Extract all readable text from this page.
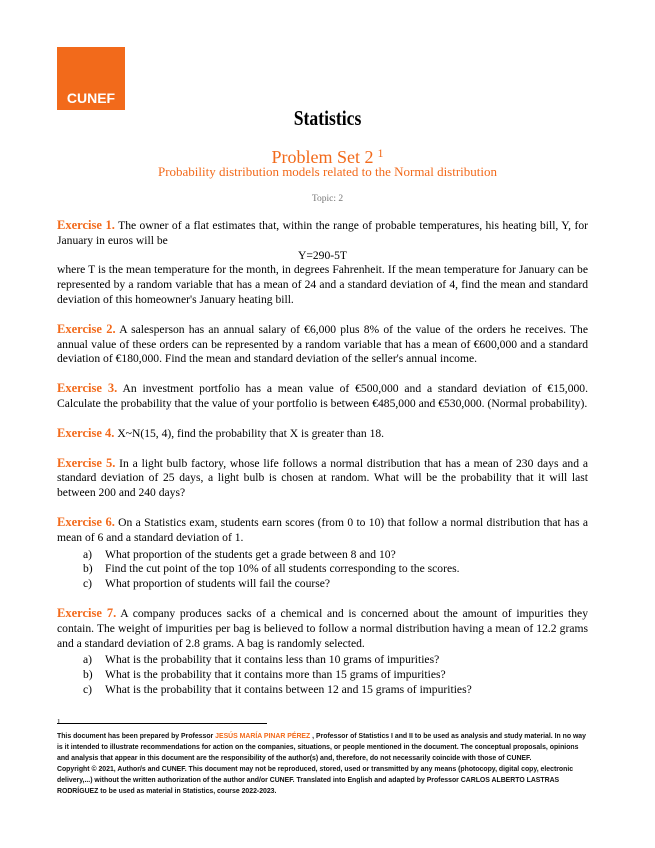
CUNEF
Statistics
Problem Set 2 $^1$
Probability distribution models related to the Normal distribution
Topic: 2
Exercise 1. The owner of a flat estimates that, within the range of probable temperatures, his heating bill, Y, for January in euros will be

Y=290-5T

where T is the mean temperature for the month, in degrees Fahrenheit. If the mean temperature for January can be represented by a random variable that has a mean of 24 and a standard deviation of 4, find the mean and standard deviation of this homeowner's January heating bill.
Exercise 2. A salesperson has an annual salary of €6,000 plus 8% of the value of the orders he receives. The annual value of these orders can be represented by a random variable that has a mean of €600,000 and a standard deviation of €180,000. Find the mean and standard deviation of the seller's annual income.
Exercise 3. An investment portfolio has a mean value of €500,000 and a standard deviation of €15,000. Calculate the probability that the value of your portfolio is between €485,000 and €530,000. (Normal probability).
Exercise 4. X~N(15, 4), find the probability that X is greater than 18.
Exercise 5. In a light bulb factory, whose life follows a normal distribution that has a mean of 230 days and a standard deviation of 25 days, a light bulb is chosen at random. What will be the probability that it will last between 200 and 240 days?
Exercise 6. On a Statistics exam, students earn scores (from 0 to 10) that follow a normal distribution that has a mean of 6 and a standard deviation of 1.
a)	What proportion of the students get a grade between 8 and 10?
b)	Find the cut point of the top 10% of all students corresponding to the scores.
c)	What proportion of students will fail the course?
Exercise 7. A company produces sacks of a chemical and is concerned about the amount of impurities they contain. The weight of impurities per bag is believed to follow a normal distribution having a mean of 12.2 grams and a standard deviation of 2.8 grams. A bag is randomly selected.
a)	What is the probability that it contains less than 10 grams of impurities?
b)	What is the probability that it contains more than 15 grams of impurities?
c)	What is the probability that it contains between 12 and 15 grams of impurities?
1
This document has been prepared by Professor JESÚS MARÍA PINAR PÉREZ , Professor of Statistics I and II to be used as analysis and study material. In no way is it intended to illustrate recommendations for action on the companies, situations, or people mentioned in the document. The conceptual proposals, opinions and analysis that appear in this document are the responsibility of the author(s) and, therefore, do not necessarily coincide with those of CUNEF.
Copyright © 2021, Author/s and CUNEF. This document may not be reproduced, stored, used or transmitted by any means (photocopy, digital copy, electronic delivery,...) without the written authorization of the author and/or CUNEF. Translated into English and adapted by Professor CARLOS ALBERTO LASTRAS RODRÍGUEZ to be used as material in Statistics, course 2022-2023.
